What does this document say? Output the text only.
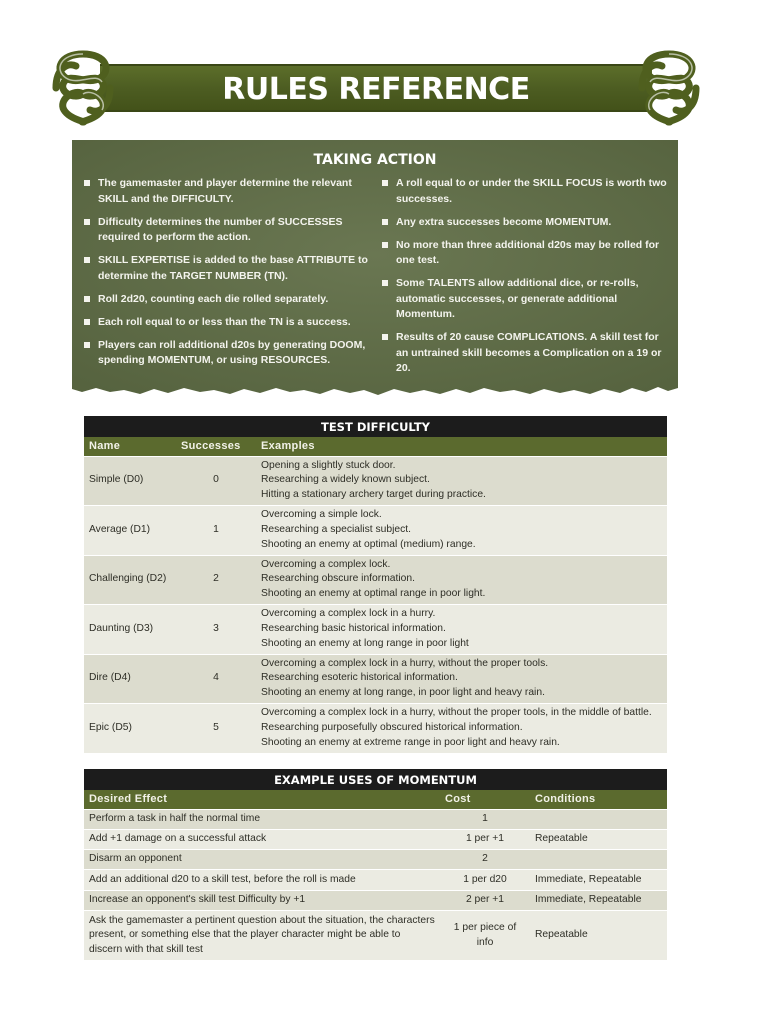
RULES REFERENCE
TAKING ACTION
The gamemaster and player determine the relevant SKILL and the DIFFICULTY.
Difficulty determines the number of SUCCESSES required to perform the action.
SKILL EXPERTISE is added to the base ATTRIBUTE to determine the TARGET NUMBER (TN).
Roll 2d20, counting each die rolled separately.
Each roll equal to or less than the TN is a success.
Players can roll additional d20s by generating DOOM, spending MOMENTUM, or using RESOURCES.
A roll equal to or under the SKILL FOCUS is worth two successes.
Any extra successes become MOMENTUM.
No more than three additional d20s may be rolled for one test.
Some TALENTS allow additional dice, or re-rolls, automatic successes, or generate additional Momentum.
Results of 20 cause COMPLICATIONS. A skill test for an untrained skill becomes a Complication on a 19 or 20.
TEST DIFFICULTY		
Name	Successes	Examples
Simple (D0)	0	Opening a slightly stuck door.
Researching a widely known subject.
Hitting a stationary archery target during practice.

Average (D1)	1	Overcoming a simple lock.
Researching a specialist subject.
Shooting an enemy at optimal (medium) range.

Challenging (D2)	2	Overcoming a complex lock.
Researching obscure information.
Shooting an enemy at optimal range in poor light.

Daunting (D3)	3	Overcoming a complex lock in a hurry.
Researching basic historical information.
Shooting an enemy at long range in poor light

Dire (D4)	4	Overcoming a complex lock in a hurry, without the proper tools.
Researching esoteric historical information.
Shooting an enemy at long range, in poor light and heavy rain.

Epic (D5)	5	Overcoming a complex lock in a hurry, without the proper tools, in the middle of battle.
Researching purposefully obscured historical information.
Shooting an enemy at extreme range in poor light and heavy rain.
EXAMPLE USES OF MOMENTUM		
Desired Effect	Cost	Conditions
Perform a task in half the normal time	1	
Add +1 damage on a successful attack	1 per +1	Repeatable
Disarm an opponent	2	
Add an additional d20 to a skill test, before the roll is made	1 per d20	Immediate, Repeatable
Increase an opponent's skill test Difficulty by +1	2 per +1	Immediate, Repeatable
Ask the gamemaster a pertinent question about the situation, the characters present, or something else that the player character might be able to discern with that skill test	1 per piece of info	Repeatable
